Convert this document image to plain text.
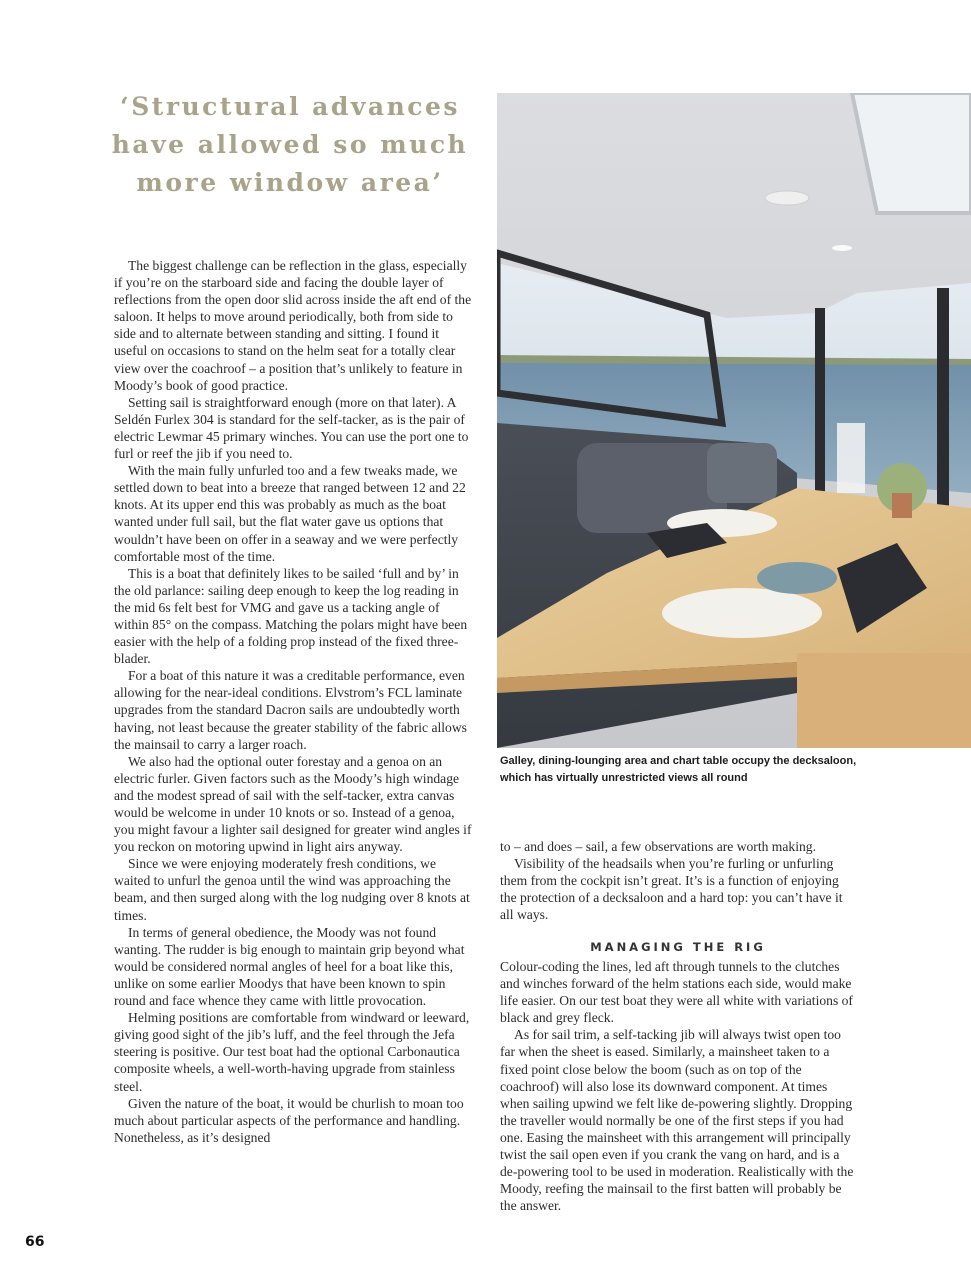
‘Structural advances
have allowed so much
more window area’

The biggest challenge can be reflection in the glass, especially if you’re on the starboard side and facing the double layer of reflections from the open door slid across inside the aft end of the saloon. It helps to move around periodically, both from side to side and to alternate between standing and sitting. I found it useful on occasions to stand on the helm seat for a totally clear view over the coachroof – a position that’s unlikely to feature in Moody’s book of good practice.

Setting sail is straightforward enough (more on that later). A Seldén Furlex 304 is standard for the self-tacker, as is the pair of electric Lewmar 45 primary winches. You can use the port one to furl or reef the jib if you need to.

With the main fully unfurled too and a few tweaks made, we settled down to beat into a breeze that ranged between 12 and 22 knots. At its upper end this was probably as much as the boat wanted under full sail, but the flat water gave us options that wouldn’t have been on offer in a seaway and we were perfectly comfortable most of the time.

This is a boat that definitely likes to be sailed ‘full and by’ in the old parlance: sailing deep enough to keep the log reading in the mid 6s felt best for VMG and gave us a tacking angle of within 85° on the compass. Matching the polars might have been easier with the help of a folding prop instead of the fixed three-blader.

For a boat of this nature it was a creditable performance, even allowing for the near-ideal conditions. Elvstrom’s FCL laminate upgrades from the standard Dacron sails are undoubtedly worth having, not least because the greater stability of the fabric allows the mainsail to carry a larger roach.

We also had the optional outer forestay and a genoa on an electric furler. Given factors such as the Moody’s high windage and the modest spread of sail with the self-tacker, extra canvas would be welcome in under 10 knots or so. Instead of a genoa, you might favour a lighter sail designed for greater wind angles if you reckon on motoring upwind in light airs anyway.

Since we were enjoying moderately fresh conditions, we waited to unfurl the genoa until the wind was approaching the beam, and then surged along with the log nudging over 8 knots at times.

In terms of general obedience, the Moody was not found wanting. The rudder is big enough to maintain grip beyond what would be considered normal angles of heel for a boat like this, unlike on some earlier Moodys that have been known to spin round and face whence they came with little provocation.

Helming positions are comfortable from windward or leeward, giving good sight of the jib’s luff, and the feel through the Jefa steering is positive. Our test boat had the optional Carbonautica composite wheels, a well-worth-having upgrade from stainless steel.

Given the nature of the boat, it would be churlish to moan too much about particular aspects of the performance and handling. Nonetheless, as it’s designed

Galley, dining-lounging area and chart table occupy the decksaloon,
which has virtually unrestricted views all round

to – and does – sail, a few observations are worth making.

Visibility of the headsails when you’re furling or unfurling them from the cockpit isn’t great. It’s is a function of enjoying the protection of a decksaloon and a hard top: you can’t have it all ways.

MANAGING THE RIG

Colour-coding the lines, led aft through tunnels to the clutches and winches forward of the helm stations each side, would make life easier. On our test boat they were all white with variations of black and grey fleck.

As for sail trim, a self-tacking jib will always twist open too far when the sheet is eased. Similarly, a mainsheet taken to a fixed point close below the boom (such as on top of the coachroof) will also lose its downward component. At times when sailing upwind we felt like de-powering slightly. Dropping the traveller would normally be one of the first steps if you had one. Easing the mainsheet with this arrangement will principally twist the sail open even if you crank the vang on hard, and is a de-powering tool to be used in moderation. Realistically with the Moody, reefing the mainsail to the first batten will probably be the answer.

66
